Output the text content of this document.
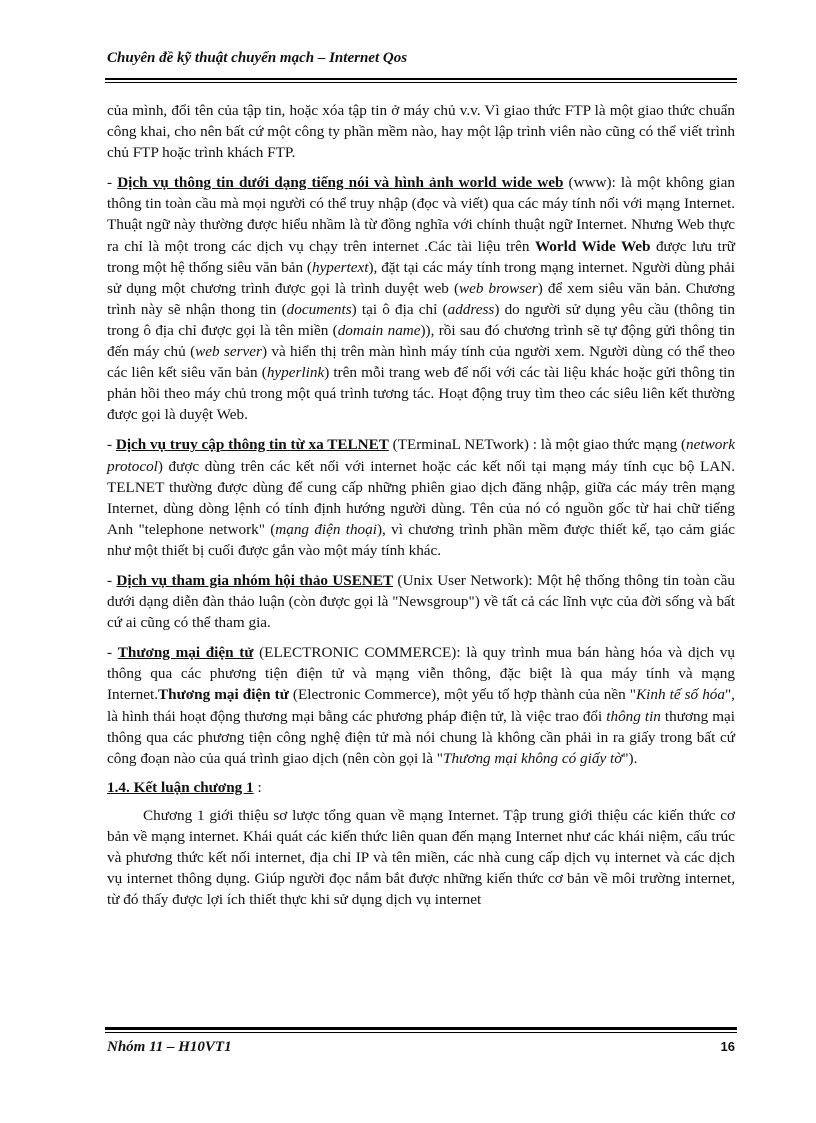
Chuyên đề kỹ thuật chuyển mạch – Internet Qos

của mình, đổi tên của tập tin, hoặc xóa tập tin ở máy chủ v.v. Vì giao thức FTP là một giao thức chuẩn công khai, cho nên bất cứ một công ty phần mềm nào, hay một lập trình viên nào cũng có thể viết trình chủ FTP hoặc trình khách FTP.

- Dịch vụ thông tin dưới dạng tiếng nói và hình ảnh world wide web (www): là một không gian thông tin toàn cầu mà mọi người có thể truy nhập (đọc và viết) qua các máy tính nối với mạng Internet. Thuật ngữ này thường được hiểu nhầm là từ đồng nghĩa với chính thuật ngữ Internet. Nhưng Web thực ra chỉ là một trong các dịch vụ chạy trên internet .Các tài liệu trên World Wide Web được lưu trữ trong một hệ thống siêu văn bản (hypertext), đặt tại các máy tính trong mạng internet. Người dùng phải sử dụng một chương trình được gọi là trình duyệt web (web browser) để xem siêu văn bản. Chương trình này sẽ nhận thong tin (documents) tại ô địa chỉ (address) do người sử dụng yêu cầu (thông tin trong ô địa chỉ được gọi là tên miền (domain name)), rồi sau đó chương trình sẽ tự động gửi thông tin đến máy chủ (web server) và hiển thị trên màn hình máy tính của người xem. Người dùng có thể theo các liên kết siêu văn bản (hyperlink) trên mỗi trang web để nối với các tài liệu khác hoặc gửi thông tin phản hồi theo máy chủ trong một quá trình tương tác. Hoạt động truy tìm theo các siêu liên kết thường được gọi là duyệt Web.

- Dịch vụ truy cập thông tin từ xa TELNET (TErminaL NETwork) : là một giao thức mạng (network protocol) được dùng trên các kết nối với internet hoặc các kết nối tại mạng máy tính cục bộ LAN. TELNET thường được dùng để cung cấp những phiên giao dịch đăng nhập, giữa các máy trên mạng Internet, dùng dòng lệnh có tính định hướng người dùng. Tên của nó có nguồn gốc từ hai chữ tiếng Anh "telephone network" (mạng điện thoại), vì chương trình phần mềm được thiết kế, tạo cảm giác như một thiết bị cuối được gắn vào một máy tính khác.

- Dịch vụ tham gia nhóm hội thảo USENET (Unix User Network): Một hệ thống thông tin toàn cầu dưới dạng diễn đàn thảo luận (còn được gọi là "Newsgroup") về tất cả các lĩnh vực của đời sống và bất cứ ai cũng có thể tham gia.

- Thương mại điện tử (ELECTRONIC COMMERCE): là quy trình mua bán hàng hóa và dịch vụ thông qua các phương tiện điện tử và mạng viễn thông, đặc biệt là qua máy tính và mạng Internet.Thương mại điện tử (Electronic Commerce), một yếu tố hợp thành của nền "Kinh tế số hóa", là hình thái hoạt động thương mại bằng các phương pháp điện tử, là việc trao đổi thông tin thương mại thông qua các phương tiện công nghệ điện tử mà nói chung là không cần phải in ra giấy trong bất cứ công đoạn nào của quá trình giao dịch (nên còn gọi là "Thương mại không có giấy tờ").

1.4. Kết luận chương 1 :

Chương 1 giới thiệu sơ lược tổng quan về mạng Internet. Tập trung giới thiệu các kiến thức cơ bản về mạng internet. Khái quát các kiến thức liên quan đến mạng Internet như các khái niệm, cấu trúc và phương thức kết nối internet, địa chỉ IP và tên miền, các nhà cung cấp dịch vụ internet và các dịch vụ internet thông dụng. Giúp người đọc nắm bắt được những kiến thức cơ bản về môi trường internet, từ đó thấy được lợi ích thiết thực khi sử dụng dịch vụ internet

Nhóm 11 – H10VT1	16
